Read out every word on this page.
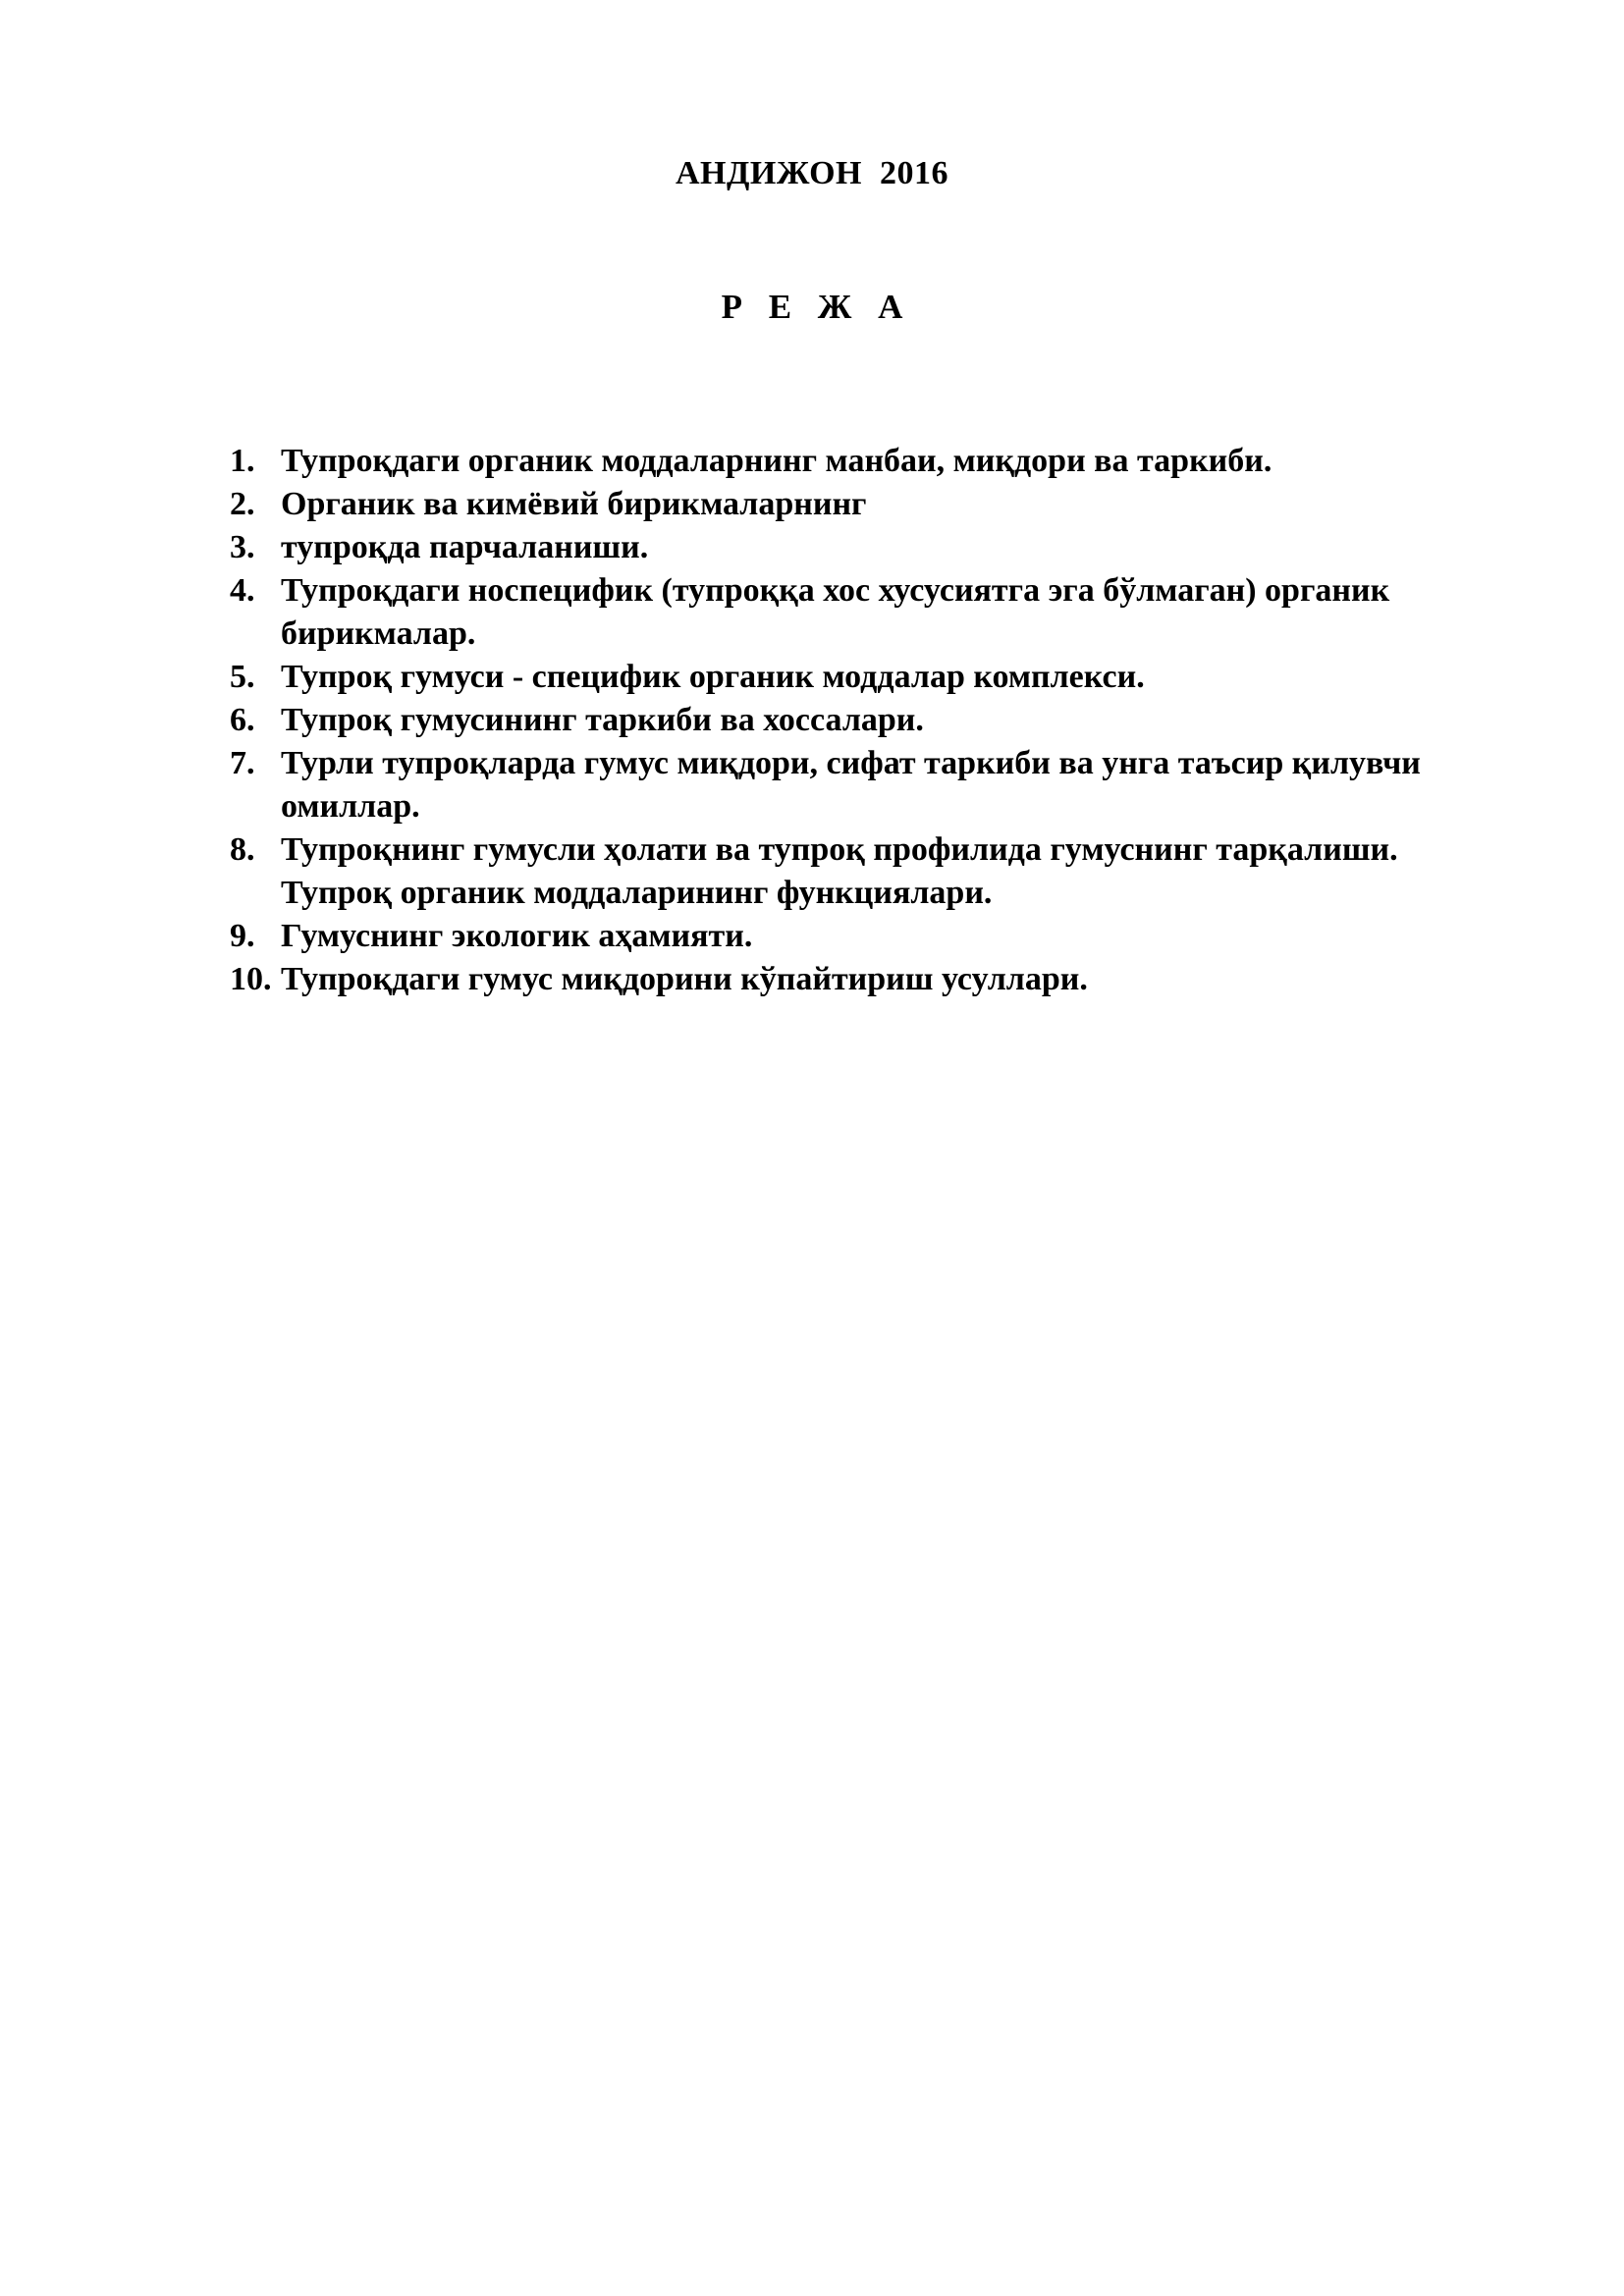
АНДИЖОН  2016
Р Е Ж А
1. Тупроқдаги органик моддаларнинг манбаи, миқдори ва таркиби.
2. Органик ва кимёвий бирикмаларнинг
3. тупроқда парчаланиши.
4. Тупроқдаги носпецифик (тупроққа хос хусусиятга эга бўлмаган) органик бирикмалар.
5. Тупроқ гумуси - специфик органик моддалар комплекси.
6. Тупроқ гумусининг таркиби ва хоссалари.
7. Турли тупроқларда гумус миқдори, сифат таркиби ва унга таъсир қилувчи омиллар.
8. Тупроқнинг гумусли ҳолати ва тупроқ профилида гумуснинг тарқалиши.
Тупроқ органик моддаларининг функциялари.
9. Гумуснинг экологик аҳамияти.
10. Тупроқдаги гумус миқдорини кўпайтириш усуллари.
